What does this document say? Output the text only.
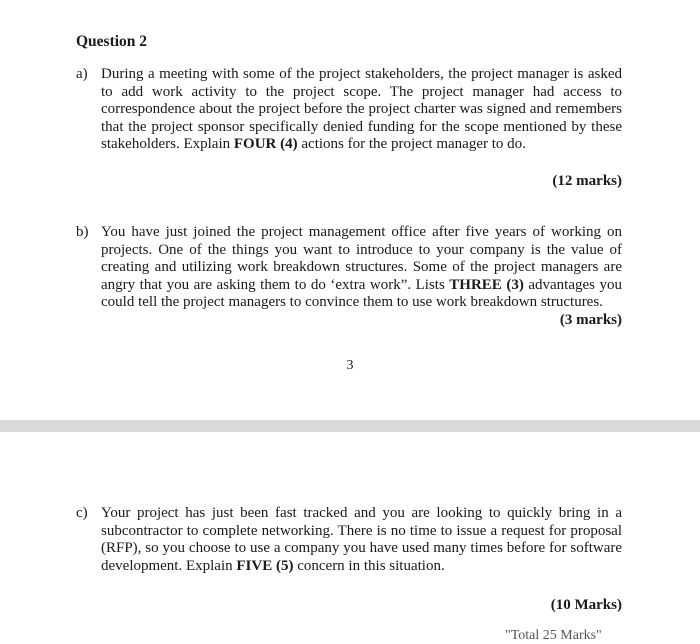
Question 2
a) During a meeting with some of the project stakeholders, the project manager is asked to add work activity to the project scope. The project manager had access to correspondence about the project before the project charter was signed and remembers that the project sponsor specifically denied funding for the scope mentioned by these stakeholders. Explain FOUR (4) actions for the project manager to do.
(12 marks)
b) You have just joined the project management office after five years of working on projects. One of the things you want to introduce to your company is the value of creating and utilizing work breakdown structures. Some of the project managers are angry that you are asking them to do ‘extra work”. Lists THREE (3) advantages you could tell the project managers to convince them to use work breakdown structures.
(3 marks)
3
c) Your project has just been fast tracked and you are looking to quickly bring in a subcontractor to complete networking. There is no time to issue a request for proposal (RFP), so you choose to use a company you have used many times before for software development. Explain FIVE (5) concern in this situation.
(10 Marks)
"Total 25 Marks"
